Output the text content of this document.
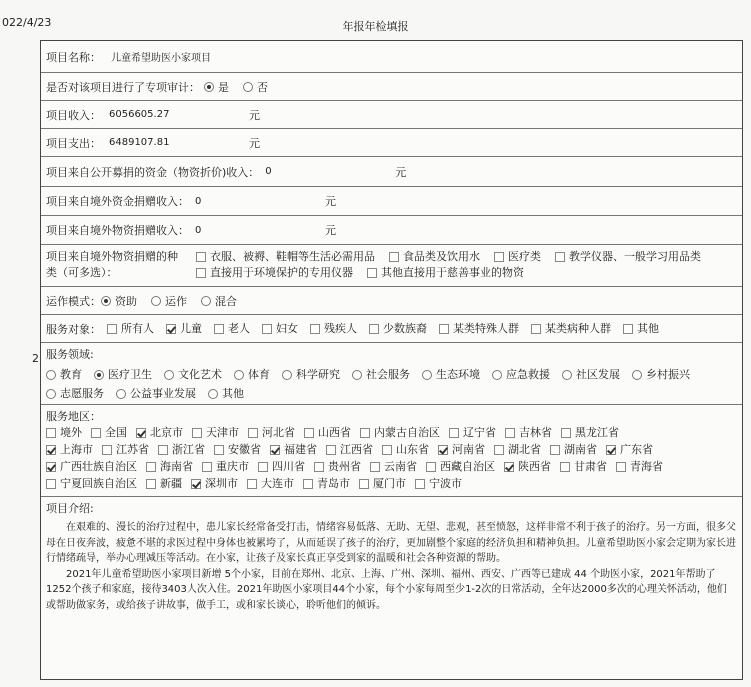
022/4/23	年报年检填报
2
项目名称： 儿童希望助医小家项目
是否对该项目进行了专项审计： 是	否
项目收入： 6056605.27	元
项目支出： 6489107.81	元
项目来自公开募捐的资金（物资折价)收入： 0	元
项目来自境外资金捐赠收入： 0	元
项目来自境外物资捐赠收入： 0	元
项目来自境外物资捐赠的种
类（可多选）：
衣服、被褥、鞋帽等生活必需用品	食品类及饮用水	医疗类	教学仪器、一般学习用品类
直接用于环境保护的专用仪器	其他直接用于慈善事业的物资
运作模式： 资助	运作	混合
服务对象： 所有人 儿童 老人 妇女 残疾人 少数族裔 某类特殊人群 某类病种人群 其他
服务领域:
教育 医疗卫生 文化艺术 体育 科学研究 社会服务 生态环境 应急救援 社区发展 乡村振兴
志愿服务 公益事业发展 其他
服务地区：
境外 全国 北京市 天津市 河北省 山西省 内蒙古自治区 辽宁省 吉林省 黑龙江省
上海市 江苏省 浙江省 安徽省 福建省 江西省 山东省 河南省 湖北省 湖南省 广东省
广西壮族自治区 海南省 重庆市 四川省 贵州省 云南省 西藏自治区 陕西省 甘肃省 青海省
宁夏回族自治区 新疆 深圳市 大连市 青岛市 厦门市 宁波市
项目介绍:

在艰难的、漫长的治疗过程中，患儿家长经常备受打击，情绪容易低落、无助、无望、悲观，甚至愤怒，这样非常不利于孩子的治疗。另一方面，很多父母在日夜奔波，疲惫不堪的求医过程中身体也被累垮了，从而延误了孩子的治疗，更加剧整个家庭的经济负担和精神负担。儿童希望助医小家会定期为家长进行情绪疏导，举办心理减压等活动。在小家，让孩子及家长真正享受到家的温暖和社会各种资源的帮助。

2021年儿童希望助医小家项目新增 5个小家，目前在郑州、北京、上海、广州、深圳、福州、西安、广西等已建成 44 个助医小家，2021年帮助了1252个孩子和家庭，接待3403人次入住。2021年助医小家项目44个小家，每个小家每周至少1-2次的日常活动，全年达2000多次的心理关怀活动，他们或帮助做家务，或给孩子讲故事，做手工，或和家长谈心，聆听他们的倾诉。
